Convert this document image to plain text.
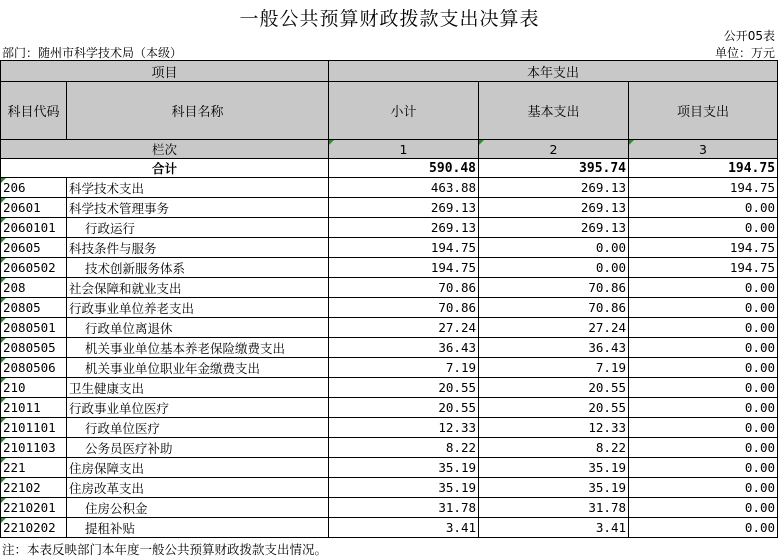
一般公共预算财政拨款支出决算表
公开05表
部门：随州市科学技术局（本级）	单位：万元
项目		本年支出		
科目代码	科目名称	小计	基本支出	项目支出
栏次		1	2	3
合计		590.48	395.74	194.75
206	科学技术支出	463.88	269.13	194.75
20601	科学技术管理事务	269.13	269.13	0.00
2060101	行政运行	269.13	269.13	0.00
20605	科技条件与服务	194.75	0.00	194.75
2060502	技术创新服务体系	194.75	0.00	194.75
208	社会保障和就业支出	70.86	70.86	0.00
20805	行政事业单位养老支出	70.86	70.86	0.00
2080501	行政单位离退休	27.24	27.24	0.00
2080505	机关事业单位基本养老保险缴费支出	36.43	36.43	0.00
2080506	机关事业单位职业年金缴费支出	7.19	7.19	0.00
210	卫生健康支出	20.55	20.55	0.00
21011	行政事业单位医疗	20.55	20.55	0.00
2101101	行政单位医疗	12.33	12.33	0.00
2101103	公务员医疗补助	8.22	8.22	0.00
221	住房保障支出	35.19	35.19	0.00
22102	住房改革支出	35.19	35.19	0.00
2210201	住房公积金	31.78	31.78	0.00
2210202	提租补贴	3.41	3.41	0.00
注：本表反映部门本年度一般公共预算财政拨款支出情况。
